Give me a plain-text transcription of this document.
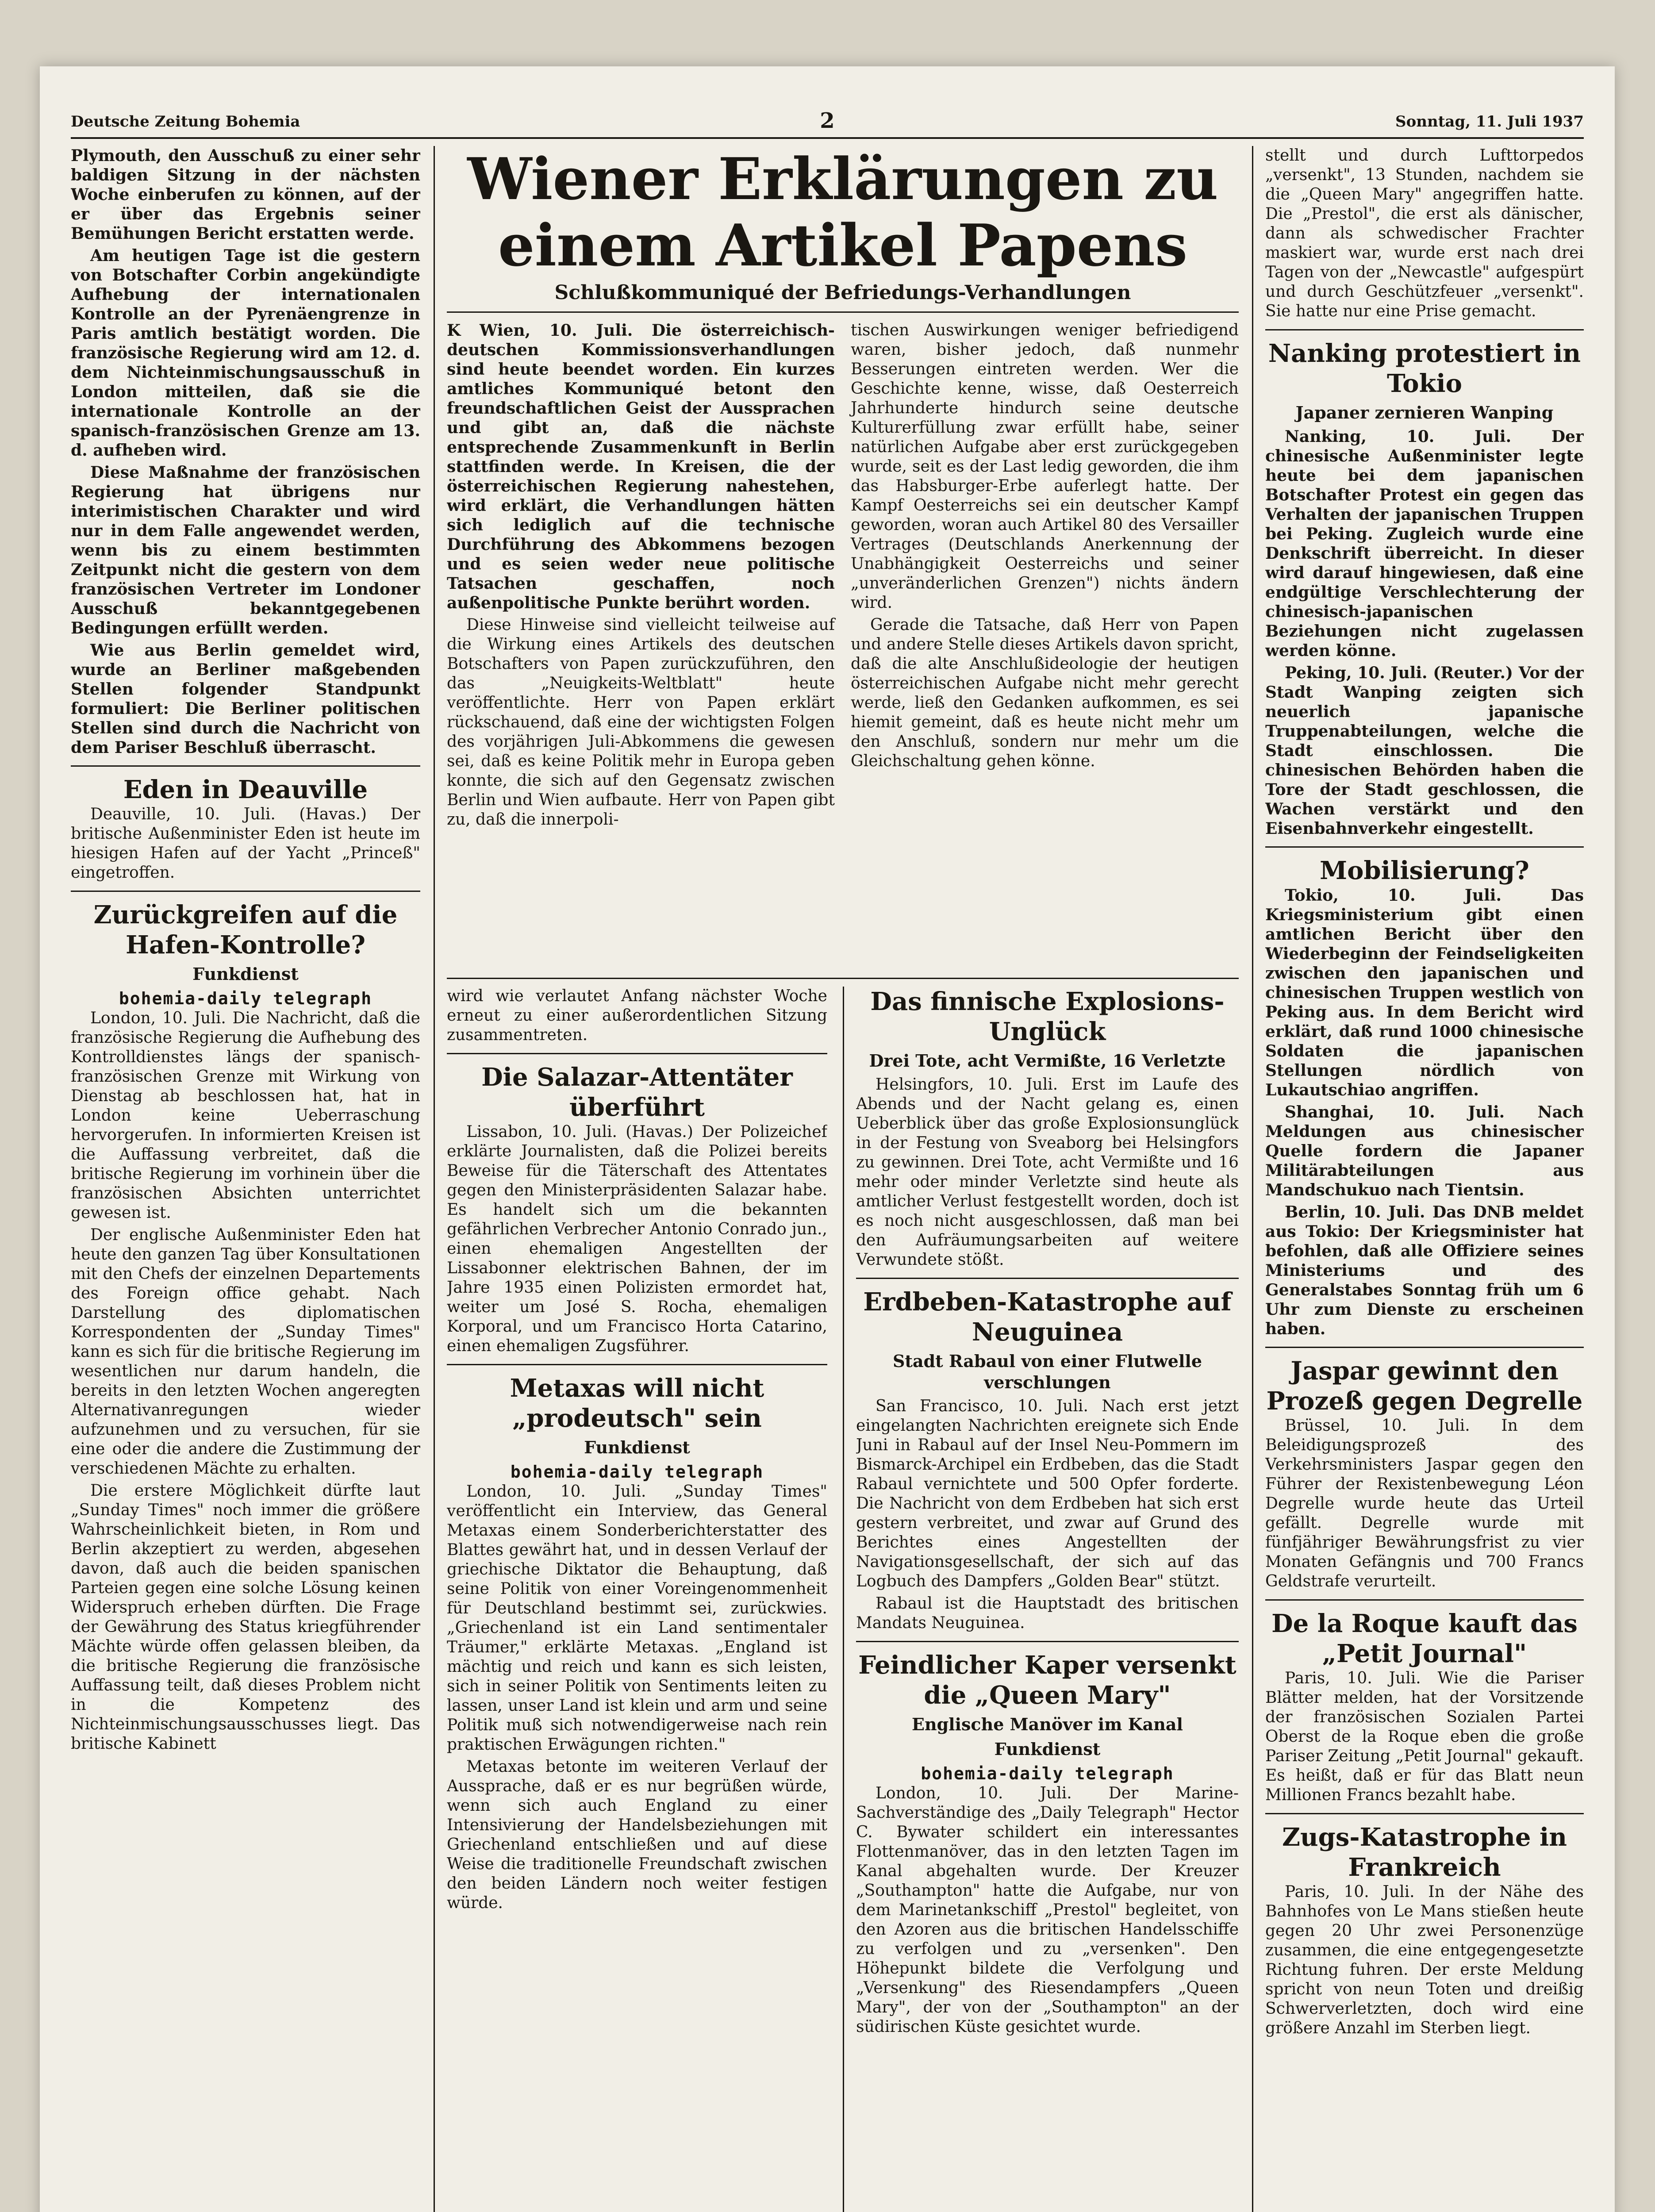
Deutsche Zeitung Bohemia	2	Sonntag, 11. Juli 1937

Plymouth, den Ausschuß zu einer sehr baldigen Sitzung in der nächsten Woche einberufen zu können, auf der er über das Ergebnis seiner Bemühungen Bericht erstatten werde.

Am heutigen Tage ist die gestern von Botschafter Corbin angekündigte Aufhebung der internationalen Kontrolle an der Pyrenäengrenze in Paris amtlich bestätigt worden. Die französische Regierung wird am 12. d. dem Nichteinmischungsausschuß in London mitteilen, daß sie die internationale Kontrolle an der spanisch-französischen Grenze am 13. d. aufheben wird.

Diese Maßnahme der französischen Regierung hat übrigens nur interimistischen Charakter und wird nur in dem Falle angewendet werden, wenn bis zu einem bestimmten Zeitpunkt nicht die gestern von dem französischen Vertreter im Londoner Ausschuß bekanntgegebenen Bedingungen erfüllt werden.

Wie aus Berlin gemeldet wird, wurde an Berliner maßgebenden Stellen folgender Standpunkt formuliert: Die Berliner politischen Stellen sind durch die Nachricht von dem Pariser Beschluß überrascht.

Eden in Deauville

Deauville, 10. Juli. (Havas.) Der britische Außenminister Eden ist heute im hiesigen Hafen auf der Yacht „Princeß" eingetroffen.

Zurückgreifen auf die Hafen-Kontrolle?
Funkdienst
bohemia-daily telegraph

London, 10. Juli. Die Nachricht, daß die französische Regierung die Aufhebung des Kontrolldienstes längs der spanisch-französischen Grenze mit Wirkung von Dienstag ab beschlossen hat, hat in London keine Ueberraschung hervorgerufen. In informierten Kreisen ist die Auffassung verbreitet, daß die britische Regierung im vorhinein über die französischen Absichten unterrichtet gewesen ist.

Der englische Außenminister Eden hat heute den ganzen Tag über Konsultationen mit den Chefs der einzelnen Departements des Foreign office gehabt. Nach Darstellung des diplomatischen Korrespondenten der „Sunday Times" kann es sich für die britische Regierung im wesentlichen nur darum handeln, die bereits in den letzten Wochen angeregten Alternativanregungen wieder aufzunehmen und zu versuchen, für sie eine oder die andere die Zustimmung der verschiedenen Mächte zu erhalten.

Die erstere Möglichkeit dürfte laut „Sunday Times" noch immer die größere Wahrscheinlichkeit bieten, in Rom und Berlin akzeptiert zu werden, abgesehen davon, daß auch die beiden spanischen Parteien gegen eine solche Lösung keinen Widerspruch erheben dürften. Die Frage der Gewährung des Status kriegführender Mächte würde offen gelassen bleiben, da die britische Regierung die französische Auffassung teilt, daß dieses Problem nicht in die Kompetenz des Nichteinmischungsausschusses liegt. Das britische Kabinett

Wiener Erklärungen zu einem Artikel Papens
Schlußkommuniqué der Befriedungs-Verhandlungen

K Wien, 10. Juli. Die österreichisch-deutschen Kommissionsverhandlungen sind heute beendet worden. Ein kurzes amtliches Kommuniqué betont den freundschaftlichen Geist der Aussprachen und gibt an, daß die nächste entsprechende Zusammenkunft in Berlin stattfinden werde. In Kreisen, die der österreichischen Regierung nahestehen, wird erklärt, die Verhandlungen hätten sich lediglich auf die technische Durchführung des Abkommens bezogen und es seien weder neue politische Tatsachen geschaffen, noch außenpolitische Punkte berührt worden.

Diese Hinweise sind vielleicht teilweise auf die Wirkung eines Artikels des deutschen Botschafters von Papen zurückzuführen, den das „Neuigkeits-Weltblatt" heute veröffentlichte. Herr von Papen erklärt rückschauend, daß eine der wichtigsten Folgen des vorjährigen Juli-Abkommens die gewesen sei, daß es keine Politik mehr in Europa geben konnte, die sich auf den Gegensatz zwischen Berlin und Wien aufbaute. Herr von Papen gibt zu, daß die innerpoli-

tischen Auswirkungen weniger befriedigend waren, bisher jedoch, daß nunmehr Besserungen eintreten werden. Wer die Geschichte kenne, wisse, daß Oesterreich Jahrhunderte hindurch seine deutsche Kulturerfüllung zwar erfüllt habe, seiner natürlichen Aufgabe aber erst zurückgegeben wurde, seit es der Last ledig geworden, die ihm das Habsburger-Erbe auferlegt hatte. Der Kampf Oesterreichs sei ein deutscher Kampf geworden, woran auch Artikel 80 des Versailler Vertrages (Deutschlands Anerkennung der Unabhängigkeit Oesterreichs und seiner „unveränderlichen Grenzen") nichts ändern wird.

Gerade die Tatsache, daß Herr von Papen und andere Stelle dieses Artikels davon spricht, daß die alte Anschlußideologie der heutigen österreichischen Aufgabe nicht mehr gerecht werde, ließ den Gedanken aufkommen, es sei hiemit gemeint, daß es heute nicht mehr um den Anschluß, sondern nur mehr um die Gleichschaltung gehen könne.

wird wie verlautet Anfang nächster Woche erneut zu einer außerordentlichen Sitzung zusammentreten.

Die Salazar-Attentäter überführt

Lissabon, 10. Juli. (Havas.) Der Polizeichef erklärte Journalisten, daß die Polizei bereits Beweise für die Täterschaft des Attentates gegen den Ministerpräsidenten Salazar habe. Es handelt sich um die bekannten gefährlichen Verbrecher Antonio Conrado jun., einen ehemaligen Angestellten der Lissabonner elektrischen Bahnen, der im Jahre 1935 einen Polizisten ermordet hat, weiter um José S. Rocha, ehemaligen Korporal, und um Francisco Horta Catarino, einen ehemaligen Zugsführer.

Metaxas will nicht „prodeutsch" sein
Funkdienst
bohemia-daily telegraph

London, 10. Juli. „Sunday Times" veröffentlicht ein Interview, das General Metaxas einem Sonderberichterstatter des Blattes gewährt hat, und in dessen Verlauf der griechische Diktator die Behauptung, daß seine Politik von einer Voreingenommenheit für Deutschland bestimmt sei, zurückwies. „Griechenland ist ein Land sentimentaler Träumer," erklärte Metaxas. „England ist mächtig und reich und kann es sich leisten, sich in seiner Politik von Sentiments leiten zu lassen, unser Land ist klein und arm und seine Politik muß sich notwendigerweise nach rein praktischen Erwägungen richten."

Metaxas betonte im weiteren Verlauf der Aussprache, daß er es nur begrüßen würde, wenn sich auch England zu einer Intensivierung der Handelsbeziehungen mit Griechenland entschließen und auf diese Weise die traditionelle Freundschaft zwischen den beiden Ländern noch weiter festigen würde.

Das finnische Explosions-Unglück
Drei Tote, acht Vermißte, 16 Verletzte

Helsingfors, 10. Juli. Erst im Laufe des Abends und der Nacht gelang es, einen Ueberblick über das große Explosionsunglück in der Festung von Sveaborg bei Helsingfors zu gewinnen. Drei Tote, acht Vermißte und 16 mehr oder minder Verletzte sind heute als amtlicher Verlust festgestellt worden, doch ist es noch nicht ausgeschlossen, daß man bei den Aufräumungsarbeiten auf weitere Verwundete stößt.

Erdbeben-Katastrophe auf Neuguinea
Stadt Rabaul von einer Flutwelle verschlungen

San Francisco, 10. Juli. Nach erst jetzt eingelangten Nachrichten ereignete sich Ende Juni in Rabaul auf der Insel Neu-Pommern im Bismarck-Archipel ein Erdbeben, das die Stadt Rabaul vernichtete und 500 Opfer forderte. Die Nachricht von dem Erdbeben hat sich erst gestern verbreitet, und zwar auf Grund des Berichtes eines Angestellten der Navigationsgesellschaft, der sich auf das Logbuch des Dampfers „Golden Bear" stützt.

Rabaul ist die Hauptstadt des britischen Mandats Neuguinea.

Feindlicher Kaper versenkt die „Queen Mary"
Englische Manöver im Kanal
Funkdienst
bohemia-daily telegraph

London, 10. Juli. Der Marine-Sachverständige des „Daily Telegraph" Hector C. Bywater schildert ein interessantes Flottenmanöver, das in den letzten Tagen im Kanal abgehalten wurde. Der Kreuzer „Southampton" hatte die Aufgabe, nur von dem Marinetankschiff „Prestol" begleitet, von den Azoren aus die britischen Handelsschiffe zu verfolgen und zu „versenken". Den Höhepunkt bildete die Verfolgung und „Versenkung" des Riesendampfers „Queen Mary", der von der „Southampton" an der südirischen Küste gesichtet wurde.

stellt und durch Lufttorpedos „versenkt", 13 Stunden, nachdem sie die „Queen Mary" angegriffen hatte. Die „Prestol", die erst als dänischer, dann als schwedischer Frachter maskiert war, wurde erst nach drei Tagen von der „Newcastle" aufgespürt und durch Geschützfeuer „versenkt". Sie hatte nur eine Prise gemacht.

Nanking protestiert in Tokio
Japaner zernieren Wanping

Nanking, 10. Juli. Der chinesische Außenminister legte heute bei dem japanischen Botschafter Protest ein gegen das Verhalten der japanischen Truppen bei Peking. Zugleich wurde eine Denkschrift überreicht. In dieser wird darauf hingewiesen, daß eine endgültige Verschlechterung der chinesisch-japanischen Beziehungen nicht zugelassen werden könne.

Peking, 10. Juli. (Reuter.) Vor der Stadt Wanping zeigten sich neuerlich japanische Truppenabteilungen, welche die Stadt einschlossen. Die chinesischen Behörden haben die Tore der Stadt geschlossen, die Wachen verstärkt und den Eisenbahnverkehr eingestellt.

Mobilisierung?

Tokio, 10. Juli. Das Kriegsministerium gibt einen amtlichen Bericht über den Wiederbeginn der Feindseligkeiten zwischen den japanischen und chinesischen Truppen westlich von Peking aus. In dem Bericht wird erklärt, daß rund 1000 chinesische Soldaten die japanischen Stellungen nördlich von Lukautschiao angriffen.

Shanghai, 10. Juli. Nach Meldungen aus chinesischer Quelle fordern die Japaner Militärabteilungen aus Mandschukuo nach Tientsin.

Berlin, 10. Juli. Das DNB meldet aus Tokio: Der Kriegsminister hat befohlen, daß alle Offiziere seines Ministeriums und des Generalstabes Sonntag früh um 6 Uhr zum Dienste zu erscheinen haben.

Jaspar gewinnt den Prozeß gegen Degrelle

Brüssel, 10. Juli. In dem Beleidigungsprozeß des Verkehrsministers Jaspar gegen den Führer der Rexistenbewegung Léon Degrelle wurde heute das Urteil gefällt. Degrelle wurde mit fünfjähriger Bewährungsfrist zu vier Monaten Gefängnis und 700 Francs Geldstrafe verurteilt.

De la Roque kauft das „Petit Journal"

Paris, 10. Juli. Wie die Pariser Blätter melden, hat der Vorsitzende der französischen Sozialen Partei Oberst de la Roque eben die große Pariser Zeitung „Petit Journal" gekauft. Es heißt, daß er für das Blatt neun Millionen Francs bezahlt habe.

Zugs-Katastrophe in Frankreich

Paris, 10. Juli. In der Nähe des Bahnhofes von Le Mans stießen heute gegen 20 Uhr zwei Personenzüge zusammen, die eine entgegengesetzte Richtung fuhren. Der erste Meldung spricht von neun Toten und dreißig Schwerverletzten, doch wird eine größere Anzahl im Sterben liegt.
